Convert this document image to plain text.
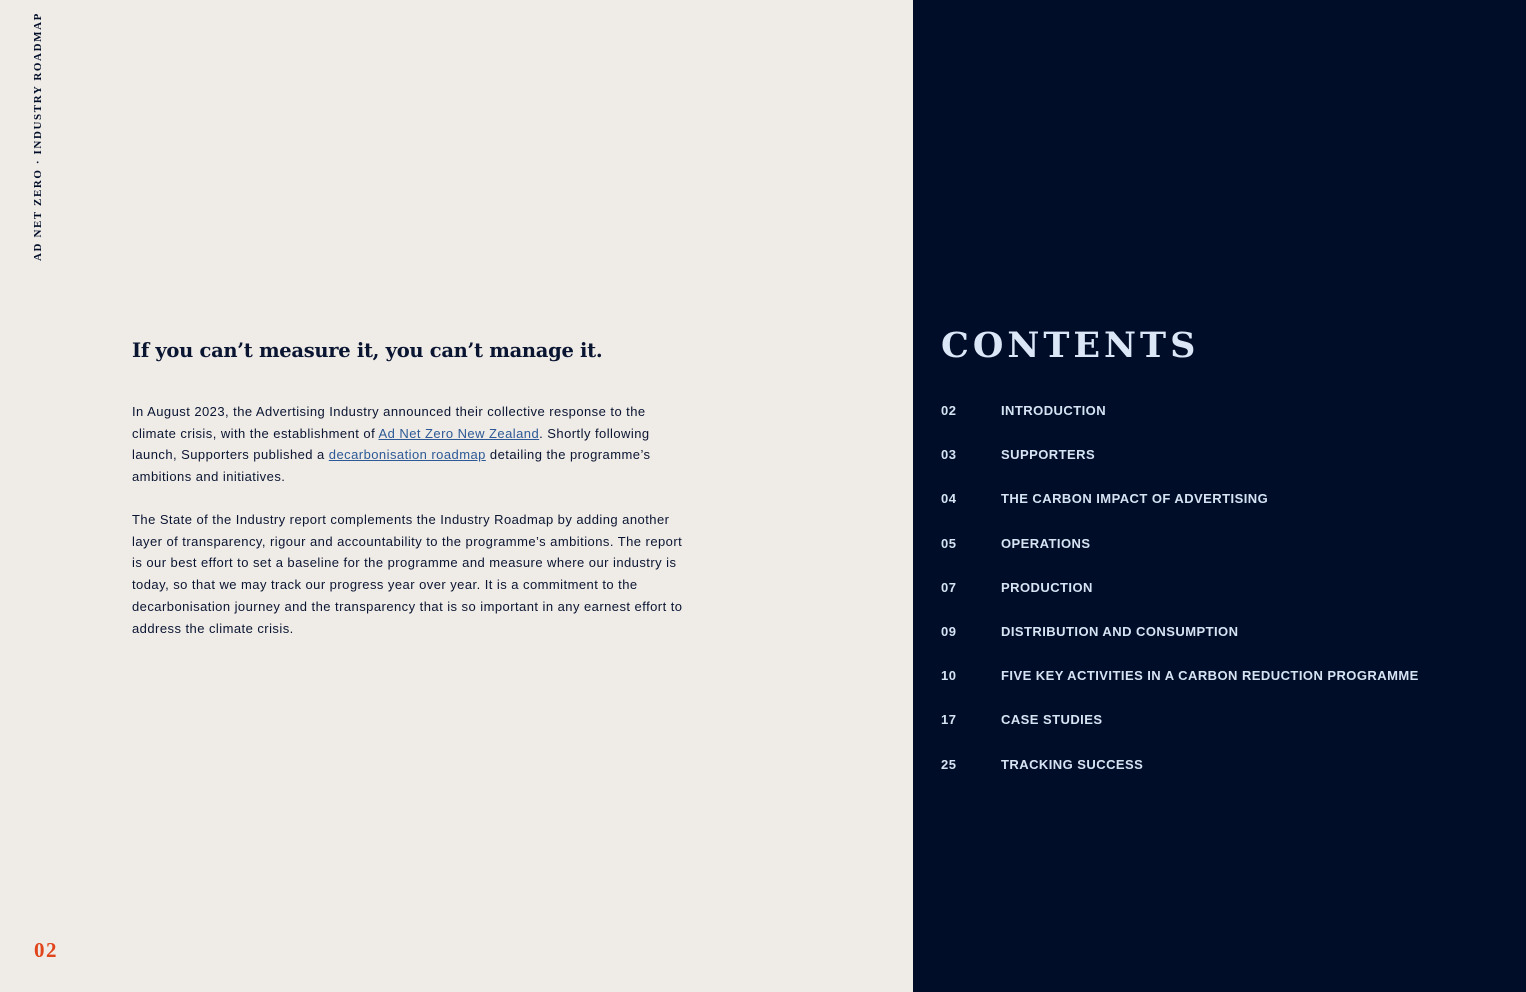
AD NET ZERO · INDUSTRY ROADMAP
If you can’t measure it, you can’t manage it.

In August 2023, the Advertising Industry announced their collective response to the climate crisis, with the establishment of Ad Net Zero New Zealand. Shortly following launch, Supporters published a decarbonisation roadmap detailing the programme’s ambitions and initiatives.

The State of the Industry report complements the Industry Roadmap by adding another layer of transparency, rigour and accountability to the programme’s ambitions. The report is our best effort to set a baseline for the programme and measure where our industry is today, so that we may track our progress year over year. It is a commitment to the decarbonisation journey and the transparency that is so important in any earnest effort to address the climate crisis.

02
CONTENTS
02	INTRODUCTION
03	SUPPORTERS
04	THE CARBON IMPACT OF ADVERTISING
05	OPERATIONS
07	PRODUCTION
09	DISTRIBUTION AND CONSUMPTION
10	FIVE KEY ACTIVITIES IN A CARBON REDUCTION PROGRAMME
17	CASE STUDIES
25	TRACKING SUCCESS
